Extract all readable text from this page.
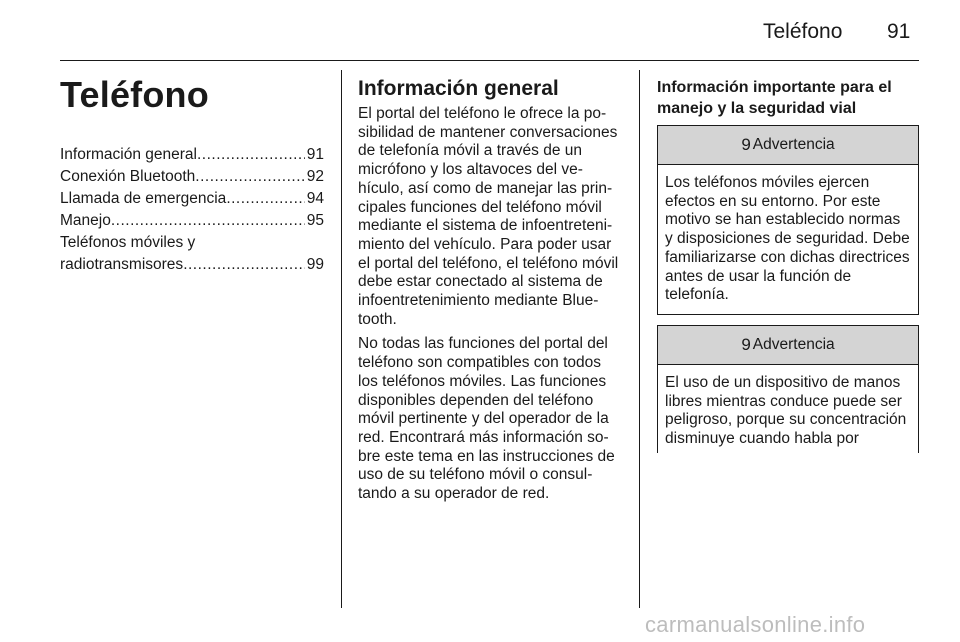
Teléfono 91
Teléfono
Información general .....	91
Conexión Bluetooth .....	92
Llamada de emergencia .....	94
Manejo .....	95
Teléfonos móviles y
radiotransmisores .....	99
Información general

El portal del teléfono le ofrece la posibilidad de mantener conversaciones de telefonía móvil a través de un micrófono y los altavoces del vehículo, así como de manejar las principales funciones del teléfono móvil mediante el sistema de infoentretenimiento del vehículo. Para poder usar el portal del teléfono, el teléfono móvil debe estar conectado al sistema de infoentretenimiento mediante Bluetooth.

No todas las funciones del portal del teléfono son compatibles con todos los teléfonos móviles. Las funciones disponibles dependen del teléfono móvil pertinente y del operador de la red. Encontrará más información sobre este tema en las instrucciones de uso de su teléfono móvil o consultando a su operador de red.

Información importante para el manejo y la seguridad vial
9 Advertencia
Los teléfonos móviles ejercen efectos en su entorno. Por este motivo se han establecido normas y disposiciones de seguridad. Debe familiarizarse con dichas directrices antes de usar la función de telefonía.
9 Advertencia
El uso de un dispositivo de manos libres mientras conduce puede ser peligroso, porque su concentración disminuye cuando habla por
carmanualsonline.info
